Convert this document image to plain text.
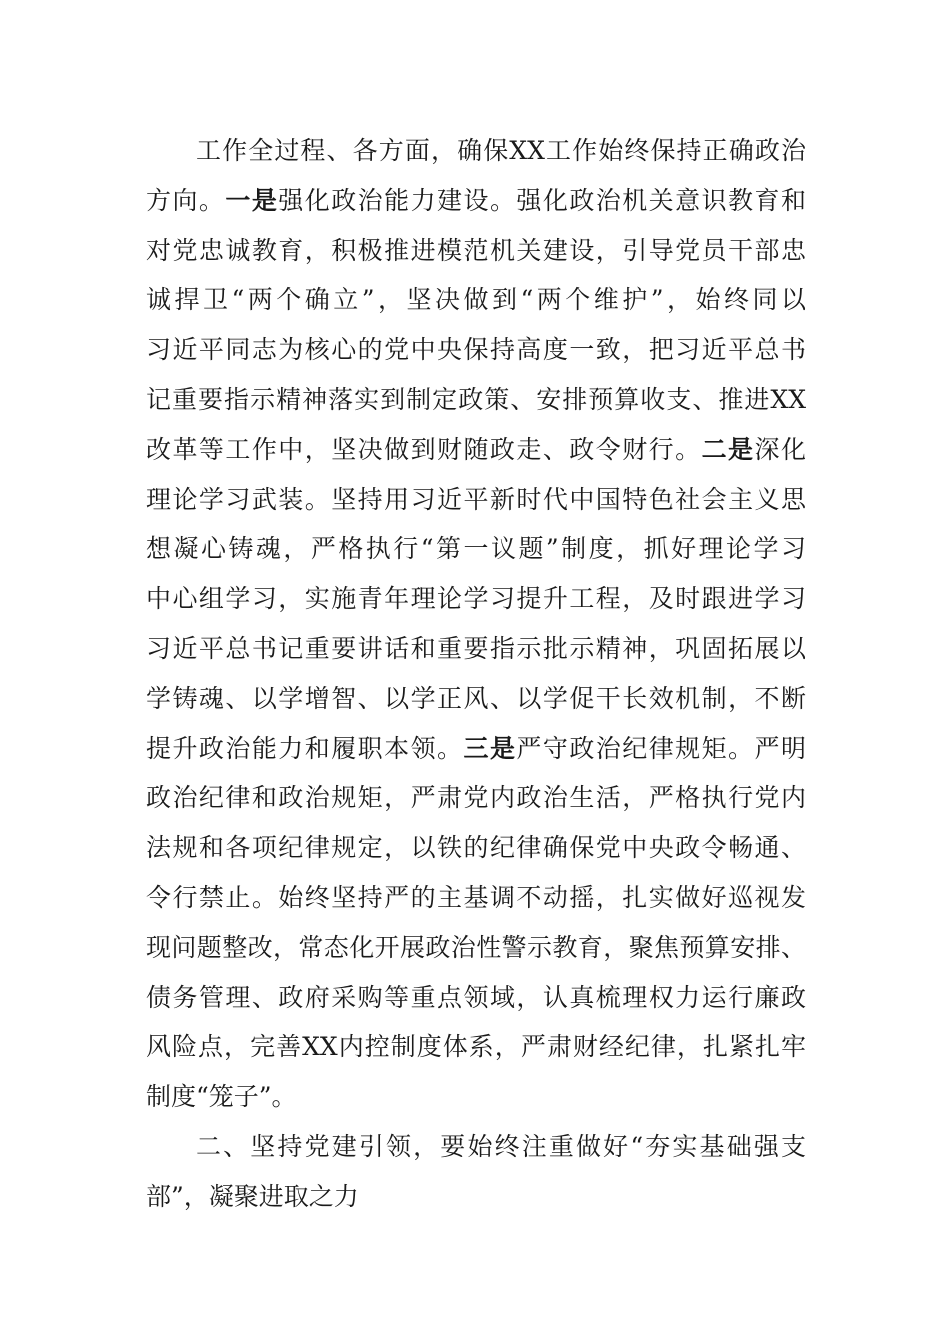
工作全过程、各方面，确保XX工作始终保持正确政治
方向。一是强化政治能力建设。强化政治机关意识教育和
对党忠诚教育，积极推进模范机关建设，引导党员干部忠
诚捍卫“两个确立”，坚决做到“两个维护”，始终同以
习近平同志为核心的党中央保持高度一致，把习近平总书
记重要指示精神落实到制定政策、安排预算收支、推进XX
改革等工作中，坚决做到财随政走、政令财行。二是深化
理论学习武装。坚持用习近平新时代中国特色社会主义思
想凝心铸魂，严格执行“第一议题”制度，抓好理论学习
中心组学习，实施青年理论学习提升工程，及时跟进学习
习近平总书记重要讲话和重要指示批示精神，巩固拓展以
学铸魂、以学增智、以学正风、以学促干长效机制，不断
提升政治能力和履职本领。三是严守政治纪律规矩。严明
政治纪律和政治规矩，严肃党内政治生活，严格执行党内
法规和各项纪律规定，以铁的纪律确保党中央政令畅通、
令行禁止。始终坚持严的主基调不动摇，扎实做好巡视发
现问题整改，常态化开展政治性警示教育，聚焦预算安排、
债务管理、政府采购等重点领域，认真梳理权力运行廉政
风险点，完善XX内控制度体系，严肃财经纪律，扎紧扎牢
制度“笼子”。
二、坚持党建引领，要始终注重做好“夯实基础强支
部”，凝聚进取之力
